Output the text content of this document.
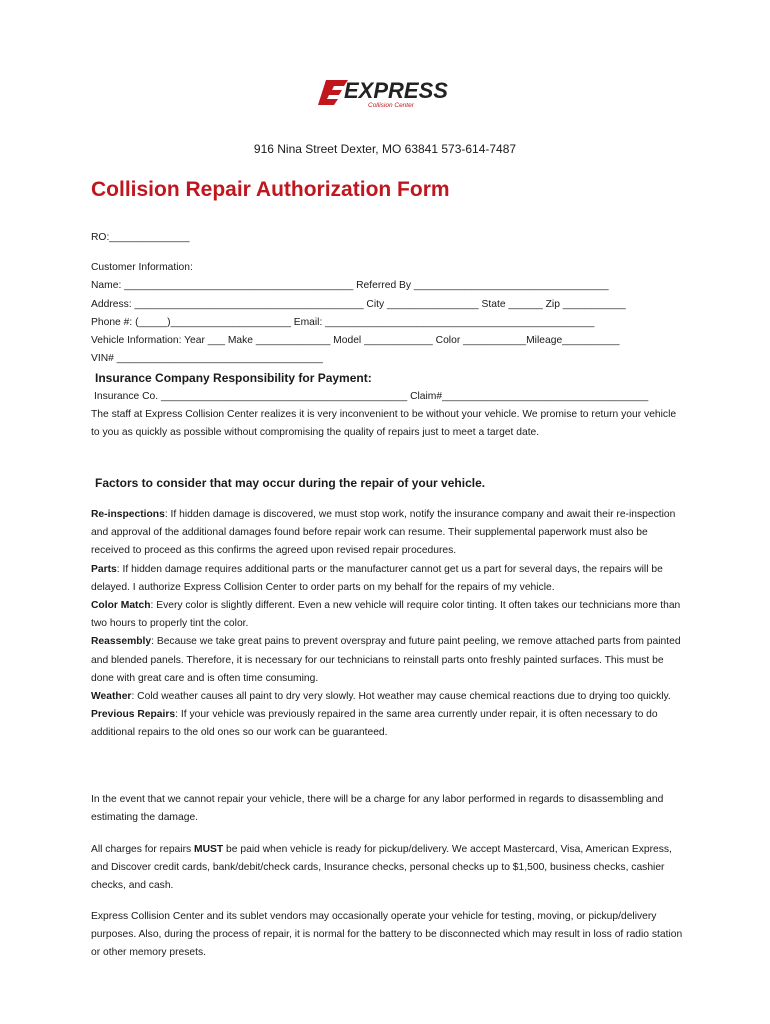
EXPRESS
Collision Center
916 Nina Street Dexter, MO 63841 573-614-7487
Collision Repair Authorization Form
RO:______________
Customer Information:
Name: ________________________________________ Referred By __________________________________
Address: ________________________________________ City ________________ State ______ Zip ___________
Phone #: (_____)_____________________ Email: _______________________________________________
Vehicle Information: Year ___ Make _____________ Model ____________ Color ___________Mileage__________
VIN# ____________________________________
Insurance Company Responsibility for Payment:
Insurance Co. ___________________________________________ Claim#____________________________________
The staff at Express Collision Center realizes it is very inconvenient to be without your vehicle. We promise to return your vehicle to you as quickly as possible without compromising the quality of repairs just to meet a target date.
Factors to consider that may occur during the repair of your vehicle.
Re-inspections: If hidden damage is discovered, we must stop work, notify the insurance company and await their re-inspection and approval of the additional damages found before repair work can resume. Their supplemental paperwork must also be received to proceed as this confirms the agreed upon revised repair procedures.
Parts: If hidden damage requires additional parts or the manufacturer cannot get us a part for several days, the repairs will be delayed. I authorize Express Collision Center to order parts on my behalf for the repairs of my vehicle.
Color Match: Every color is slightly different. Even a new vehicle will require color tinting. It often takes our technicians more than two hours to properly tint the color.
Reassembly: Because we take great pains to prevent overspray and future paint peeling, we remove attached parts from painted and blended panels. Therefore, it is necessary for our technicians to reinstall parts onto freshly painted surfaces. This must be done with great care and is often time consuming.
Weather: Cold weather causes all paint to dry very slowly. Hot weather may cause chemical reactions due to drying too quickly.
Previous Repairs: If your vehicle was previously repaired in the same area currently under repair, it is often necessary to do additional repairs to the old ones so our work can be guaranteed.
In the event that we cannot repair your vehicle, there will be a charge for any labor performed in regards to disassembling and estimating the damage.
All charges for repairs MUST be paid when vehicle is ready for pickup/delivery. We accept Mastercard, Visa, American Express, and Discover credit cards, bank/debit/check cards, Insurance checks, personal checks up to $1,500, business checks, cashier checks, and cash.
Express Collision Center and its sublet vendors may occasionally operate your vehicle for testing, moving, or pickup/delivery purposes. Also, during the process of repair, it is normal for the battery to be disconnected which may result in loss of radio station or other memory presets.
